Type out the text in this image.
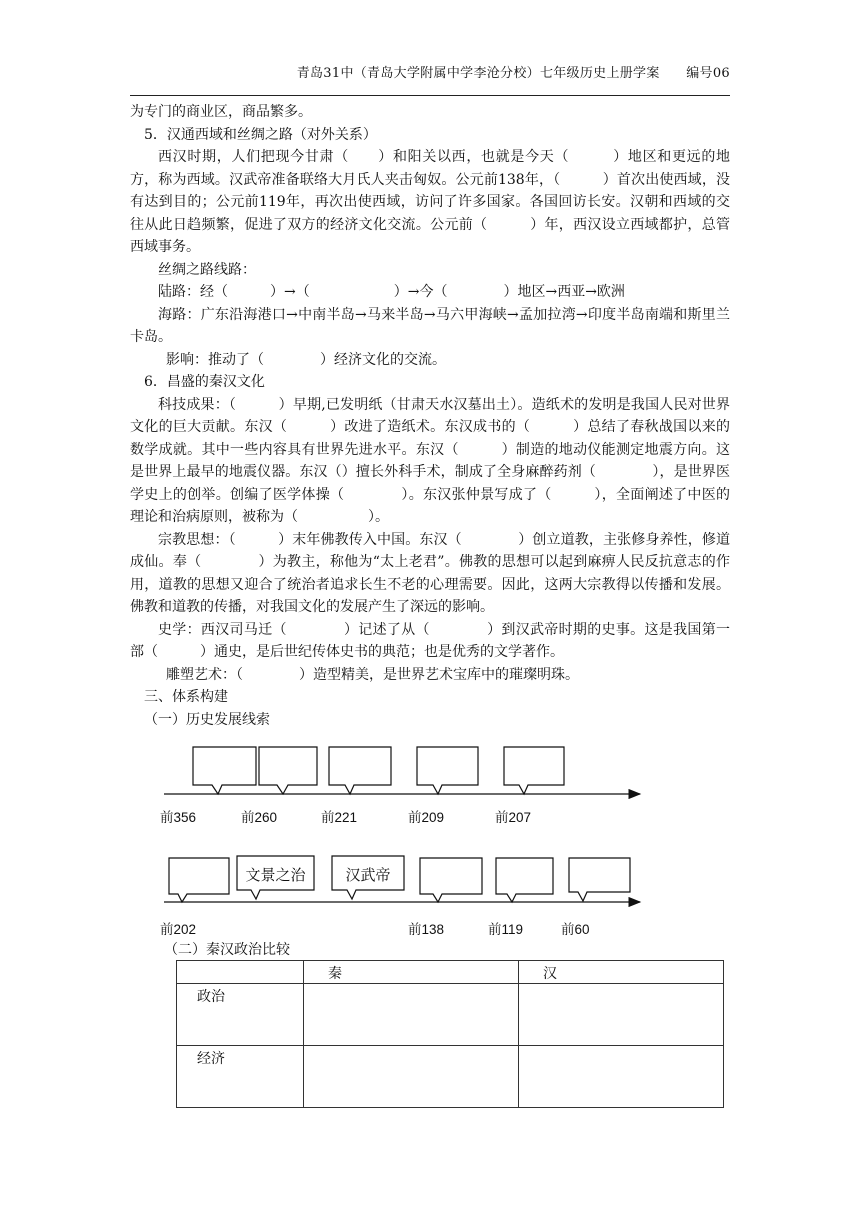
青岛31中（青岛大学附属中学李沧分校）七年级历史上册学案　　编号06

为专门的商业区，商品繁多。

5．汉通西域和丝绸之路（对外关系）

西汉时期，人们把现今甘肃（　　）和阳关以西，也就是今天（　　　）地区和更远的地方，称为西域。汉武帝准备联络大月氏人夹击匈奴。公元前138年，（　　　）首次出使西域，没有达到目的；公元前119年，再次出使西域，访问了许多国家。各国回访长安。汉朝和西域的交往从此日趋频繁，促进了双方的经济文化交流。公元前（　　　）年，西汉设立西域都护，总管西域事务。

丝绸之路线路：

陆路：经（　　　）→（　　　　　　）→今（　　　　）地区→西亚→欧洲

海路：广东沿海港口→中南半岛→马来半岛→马六甲海峡→孟加拉湾→印度半岛南端和斯里兰卡岛。

影响：推动了（　　　　）经济文化的交流。

6．昌盛的秦汉文化

科技成果：（　　　）早期,已发明纸（甘肃天水汉墓出土）。造纸术的发明是我国人民对世界文化的巨大贡献。东汉（　　　）改进了造纸术。东汉成书的（　　　）总结了春秋战国以来的数学成就。其中一些内容具有世界先进水平。东汉（　　　）制造的地动仪能测定地震方向。这是世界上最早的地震仪器。东汉（）擅长外科手术，制成了全身麻醉药剂（　　　　），是世界医学史上的创举。创编了医学体操（　　　　）。东汉张仲景写成了（　　　），全面阐述了中医的理论和治病原则，被称为（　　　　　）。

宗教思想：（　　　）末年佛教传入中国。东汉（　　　　）创立道教，主张修身养性，修道成仙。奉（　　　　）为教主，称他为“太上老君”。佛教的思想可以起到麻痹人民反抗意志的作用，道教的思想又迎合了统治者追求长生不老的心理需要。因此，这两大宗教得以传播和发展。佛教和道教的传播，对我国文化的发展产生了深远的影响。

史学：西汉司马迁（　　　　）记述了从（　　　　）到汉武帝时期的史事。这是我国第一部（　　　）通史，是后世纪传体史书的典范；也是优秀的文学著作。

雕塑艺术：（　　　　）造型精美，是世界艺术宝库中的璀璨明珠。

三、体系构建

（一）历史发展线索

前356	前260	前221	前209	前207
文景之治	汉武帝
前202	前138	前119	前60
（二）秦汉政治比较
	秦	汉
政治		
经济		
